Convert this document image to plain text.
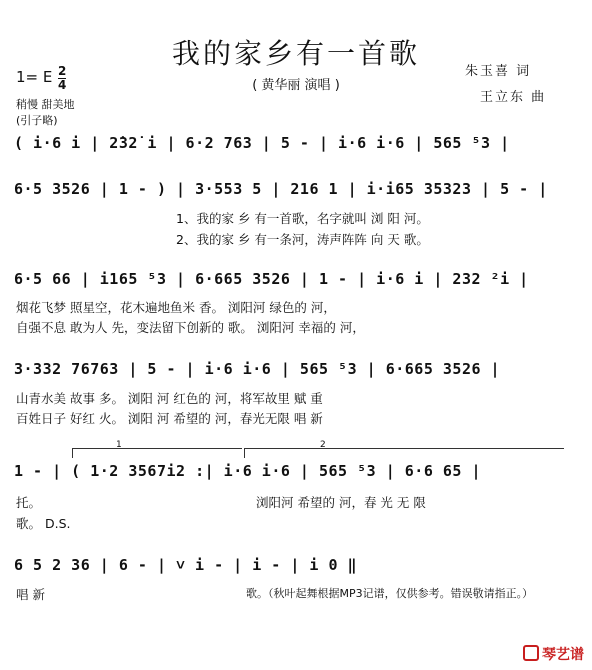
我的家乡有一首歌
( 黄华丽 演唱 )
朱玉喜 词
王立东 曲
1= E 2
4
稍慢 甜美地
(引子略)
( i·6 i | 2̇32̇ i | 6·2 763 | 5 - | i·6 i·6 | 565 ⁵3 |
6·5 3526 | 1 - ) | 3·553 5 | 216 1 | i·i65 35323 | 5 - |
1、我的家 乡 有一首歌，名字就叫 浏 阳 河。
2、我的家 乡 有一条河，涛声阵阵 向 天 歌。
6·5 66 | i165 ⁵3 | 6·665 3526 | 1 - | i·6 i | 232 ²i |
烟花飞梦 照星空，花木遍地鱼米 香。 浏阳河 绿色的 河，
自强不息 敢为人 先，变法留下创新的 歌。 浏阳河 幸福的 河，
3·332 76763 | 5 - | i·6 i·6 | 565 ⁵3 | 6·665 3526 |
山青水美 故事 多。 浏阳 河 红色的 河，将军故里 赋 重
百姓日子 好红 火。 浏阳 河 希望的 河，春光无限 唱 新
1	2
1 - | ( 1·2 3567i2 :| i·6 i·6 | 565 ⁵3 | 6·6 65 |
托。	浏阳河 希望的 河，春 光 无 限
歌。 D.S.
6 5 2 36 | 6 - | ˅ i - | i - | i 0 ‖
唱 新	歌。（秋叶起舞根据MP3记谱，仅供参考。错误敬请指正。）
琴艺谱
